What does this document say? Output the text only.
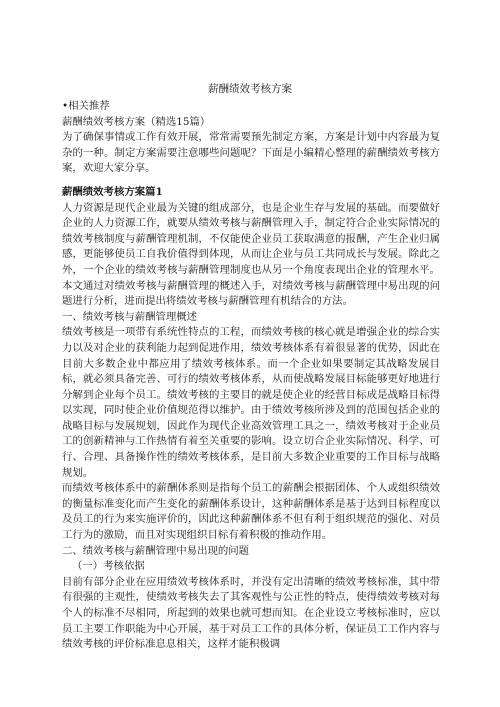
薪酬绩效考核方案

•相关推荐

薪酬绩效考核方案（精选15篇）

为了确保事情或工作有效开展，常常需要预先制定方案，方案是计划中内容最为复杂的一种。制定方案需要注意哪些问题呢？下面是小编精心整理的薪酬绩效考核方案，欢迎大家分享。

薪酬绩效考核方案篇1

人力资源是现代企业最为关键的组成部分，也是企业生存与发展的基础。而要做好企业的人力资源工作，就要从绩效考核与薪酬管理入手，制定符合企业实际情况的绩效考核制度与薪酬管理机制，不仅能使企业员工获取满意的报酬，产生企业归属感，更能够使员工自我价值得到体现，从而让企业与员工共同成长与发展。除此之外，一个企业的绩效考核与薪酬管理制度也从另一个角度表现出企业的管理水平。本文通过对绩效考核与薪酬管理的概述入手，对绩效考核与薪酬管理中易出现的问题进行分析，进而提出将绩效考核与薪酬管理有机结合的方法。

一、绩效考核与薪酬管理概述

绩效考核是一项带有系统性特点的工程，而绩效考核的核心就是增强企业的综合实力以及对企业的获利能力起到促进作用，绩效考核体系有着很显著的优势，因此在目前大多数企业中都应用了绩效考核体系。而一个企业如果要制定其战略发展目标，就必须具备完善、可行的绩效考核体系，从而使战略发展目标能够更好地进行分解到企业每个员工。绩效考核的主要目的就是使企业的经营目标成是战略目标得以实现，同时使企业价值规范得以维护。由于绩效考核所涉及到的范围包括企业的战略目标与发展规划，因此作为现代企业高效管理工具之一，绩效考核对于企业员工的创新精神与工作热情有着至关重要的影响。设立切合企业实际情况、科学、可行、合理、具备操作性的绩效考核体系，是目前大多数企业重要的工作目标与战略规划。

而绩效考核体系中的薪酬体系则是指每个员工的薪酬会根据团体、个人或组织绩效的衡量标准变化而产生变化的薪酬体系设计，这种薪酬体系是基于达到目标程度以及员工的行为来实施评价的，因此这种薪酬体系不但有利于组织规范的强化、对员工行为的激励，而且对实现组织目标有着积极的推动作用。

二、绩效考核与薪酬管理中易出现的问题

（一）考核依据

目前有部分企业在应用绩效考核体系时，并没有定出清晰的绩效考核标准，其中带有很强的主观性，使绩效考核失去了其客观性与公正性的特点，使得绩效考核对每个人的标准不尽相同，所起到的效果也就可想而知。在企业设立考核标准时，应以员工主要工作职能为中心开展，基于对员工工作的具体分析，保证员工工作内容与绩效考核的评价标准息息相关，这样才能积极调
